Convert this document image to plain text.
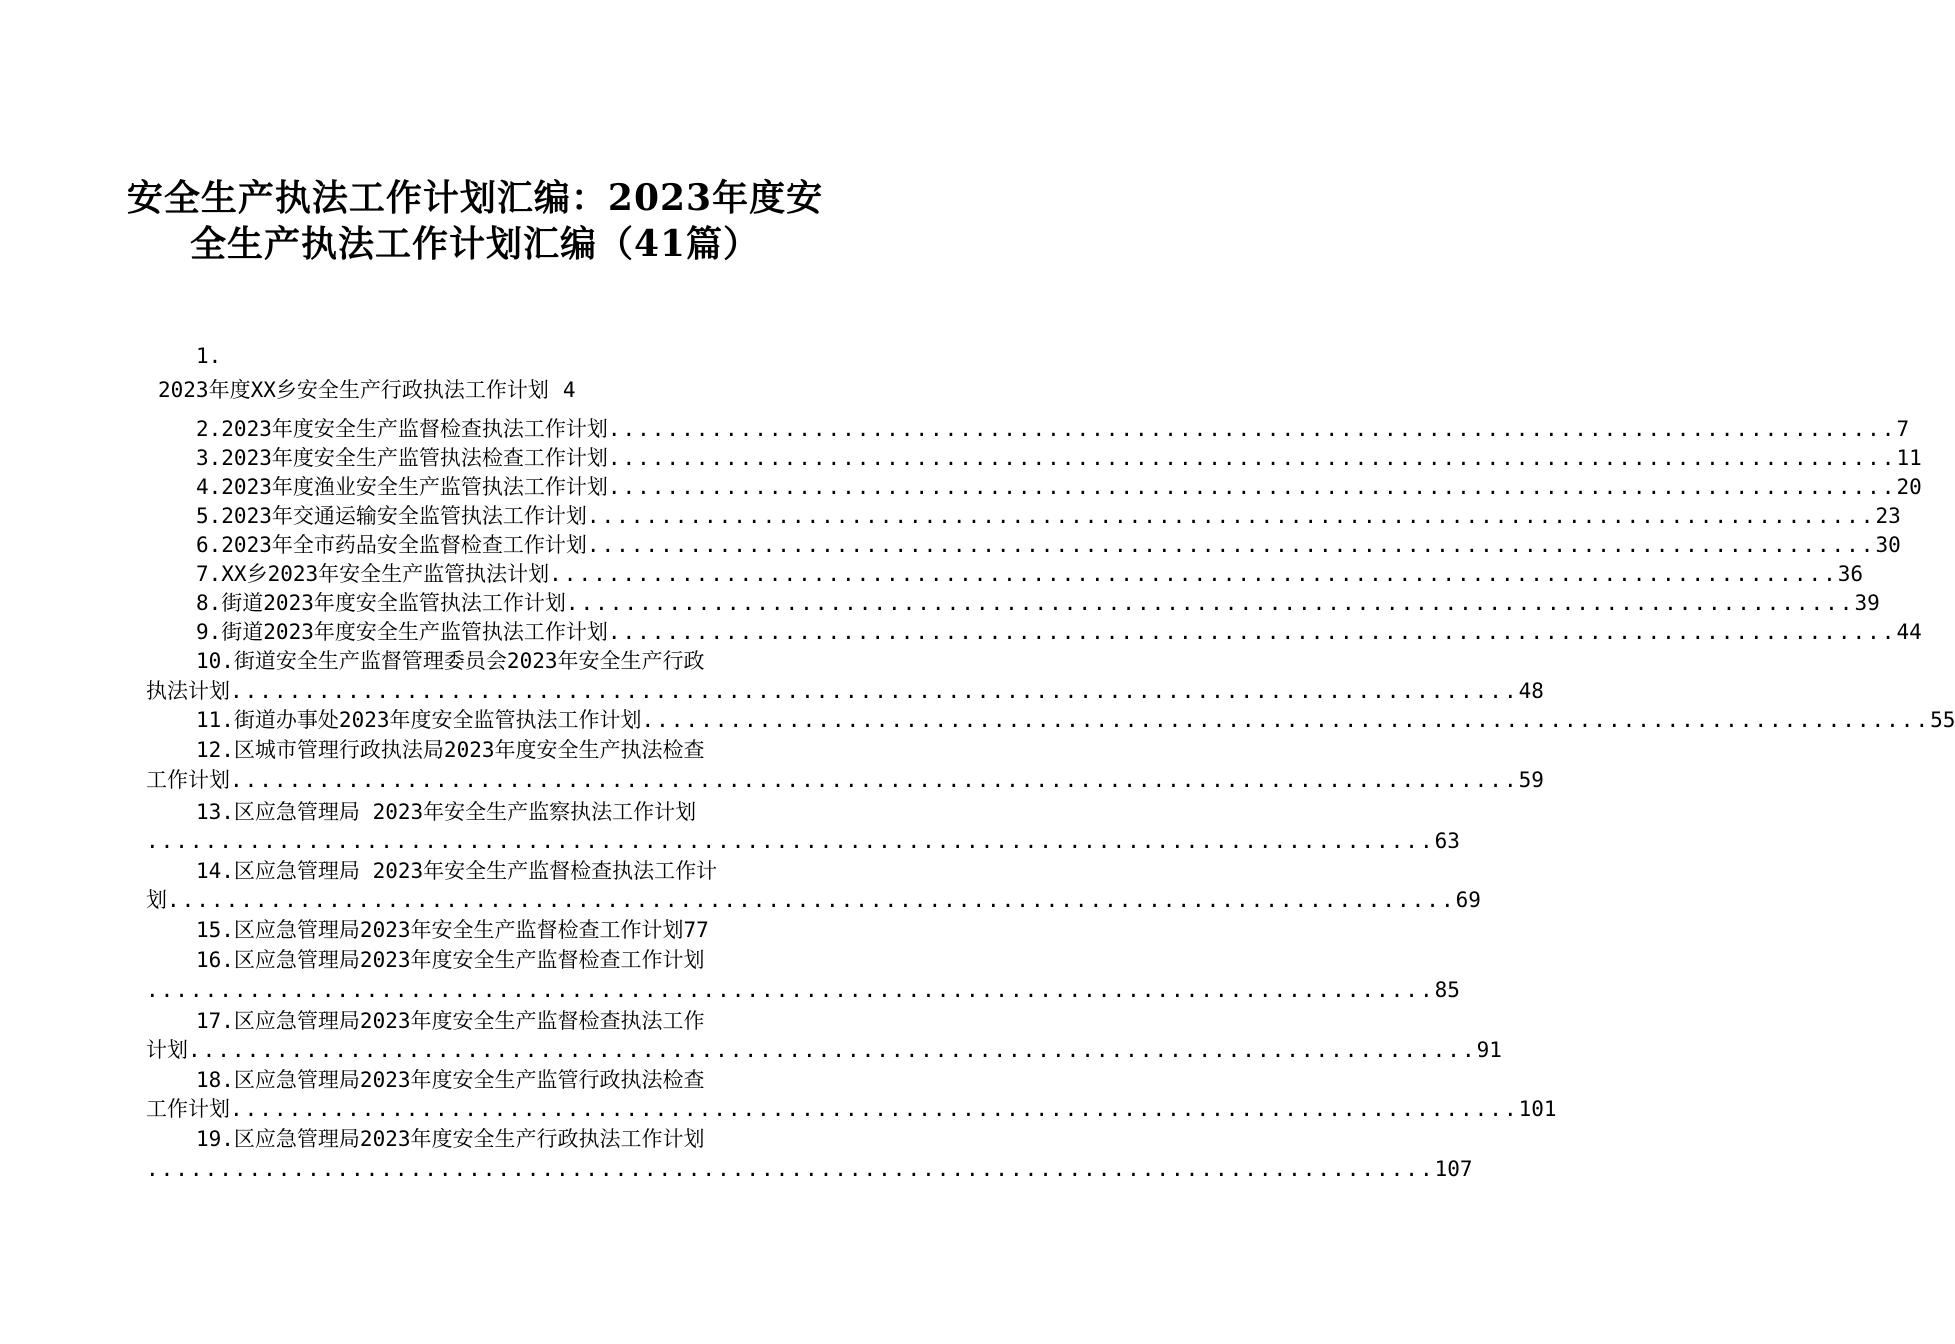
安全生产执法工作计划汇编：2023年度安
全生产执法工作计划汇编（41篇）
1.
2023年度XX乡安全生产行政执法工作计划 4
2.2023年度安全生产监督检查执法工作计划 ........................................................................................ 7
3.2023年度安全生产监管执法检查工作计划 ........................................................................................ 11
4.2023年度渔业安全生产监管执法工作计划 ........................................................................................ 20
5.2023年交通运输安全监管执法工作计划 ........................................................................................ 23
6.2023年全市药品安全监督检查工作计划 ........................................................................................ 30
7.XX乡2023年安全生产监管执法计划 ........................................................................................ 36
8.街道2023年度安全监管执法工作计划 ........................................................................................ 39
9.街道2023年度安全生产监管执法工作计划 ........................................................................................ 44
10.街道安全生产监督管理委员会2023年安全生产行政
执法计划 ........................................................................................ 48
11.街道办事处2023年度安全监管执法工作计划 ........................................................................................ 55
12.区城市管理行政执法局2023年度安全生产执法检查
工作计划 ........................................................................................ 59
13.区应急管理局 2023年安全生产监察执法工作计划
........................................................................................ 63
14.区应急管理局 2023年安全生产监督检查执法工作计
划 ........................................................................................ 69
15.区应急管理局2023年安全生产监督检查工作计划 77
16.区应急管理局2023年度安全生产监督检查工作计划
........................................................................................ 85
17.区应急管理局2023年度安全生产监督检查执法工作
计划 ........................................................................................ 91
18.区应急管理局2023年度安全生产监管行政执法检查
工作计划 ........................................................................................ 101
19.区应急管理局2023年度安全生产行政执法工作计划
........................................................................................ 107
